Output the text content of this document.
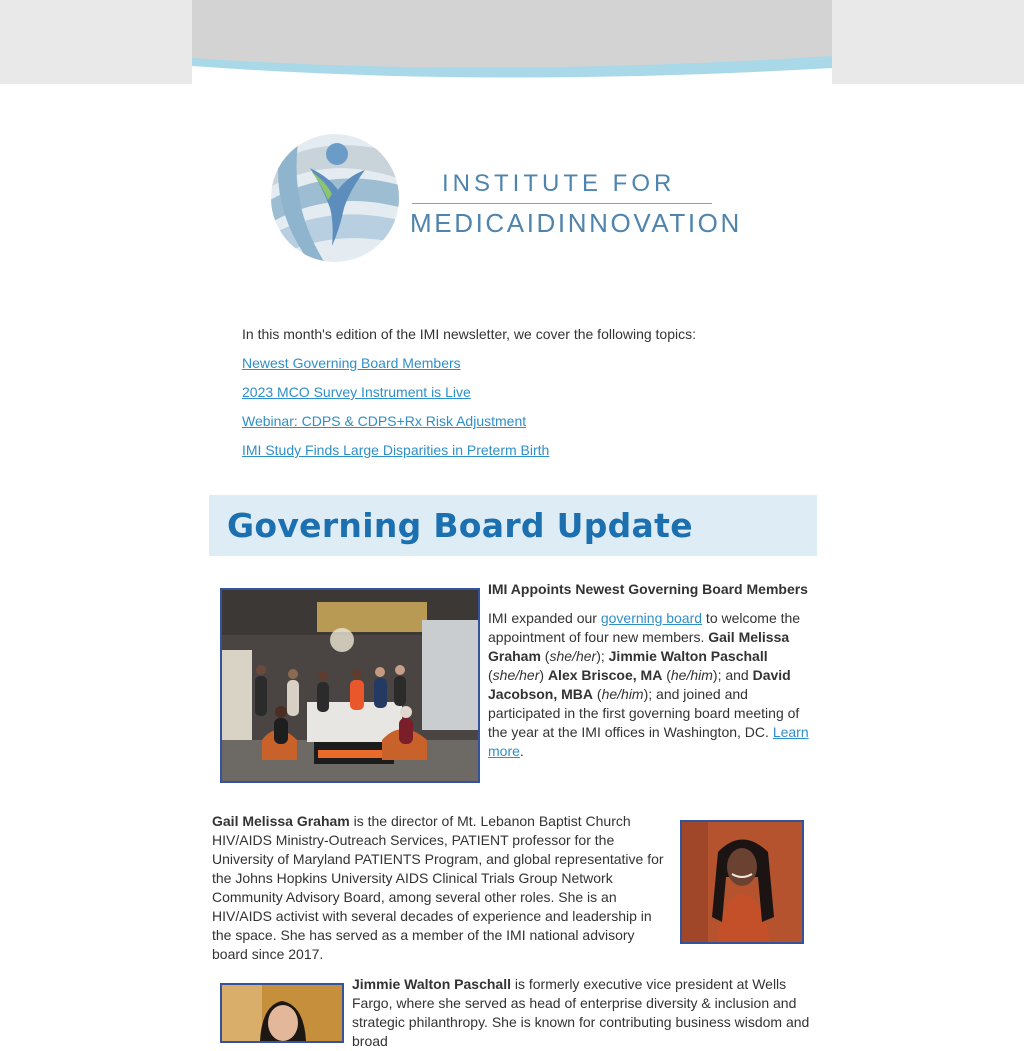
INSTITUTE FOR
MEDICAIDINNOVATION
In this month's edition of the IMI newsletter, we cover the following topics:
Newest Governing Board Members
2023 MCO Survey Instrument is Live
Webinar: CDPS & CDPS+Rx Risk Adjustment
IMI Study Finds Large Disparities in Preterm Birth
Governing Board Update
IMI Appoints Newest Governing Board Members
IMI expanded our governing board to welcome the appointment of four new members. Gail Melissa Graham (she/her); Jimmie Walton Paschall (she/her) Alex Briscoe, MA (he/him); and David Jacobson, MBA (he/him); and joined and participated in the first governing board meeting of the year at the IMI offices in Washington, DC. Learn more.
Gail Melissa Graham is the director of Mt. Lebanon Baptist Church HIV/AIDS Ministry-Outreach Services, PATIENT professor for the University of Maryland PATIENTS Program, and global representative for the Johns Hopkins University AIDS Clinical Trials Group Network Community Advisory Board, among several other roles. She is an HIV/AIDS activist with several decades of experience and leadership in the space. She has served as a member of the IMI national advisory board since 2017.
Jimmie Walton Paschall is formerly executive vice president at Wells Fargo, where she served as head of enterprise diversity & inclusion and strategic philanthropy. She is known for contributing business wisdom and broad
